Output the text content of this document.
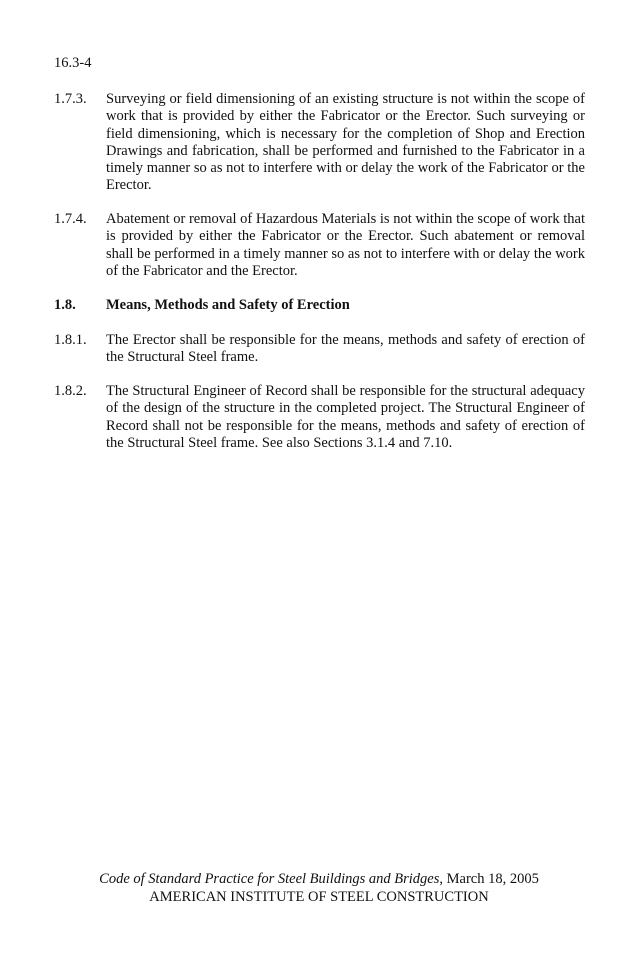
16.3-4
1.7.3. Surveying or field dimensioning of an existing structure is not within the scope of work that is provided by either the Fabricator or the Erector. Such surveying or field dimensioning, which is necessary for the completion of Shop and Erection Drawings and fabrication, shall be performed and furnished to the Fabricator in a timely manner so as not to interfere with or delay the work of the Fabricator or the Erector.
1.7.4. Abatement or removal of Hazardous Materials is not within the scope of work that is provided by either the Fabricator or the Erector. Such abatement or removal shall be performed in a timely manner so as not to interfere with or delay the work of the Fabricator and the Erector.
1.8. Means, Methods and Safety of Erection
1.8.1. The Erector shall be responsible for the means, methods and safety of erection of the Structural Steel frame.
1.8.2. The Structural Engineer of Record shall be responsible for the structural adequacy of the design of the structure in the completed project. The Structural Engineer of Record shall not be responsible for the means, methods and safety of erection of the Structural Steel frame. See also Sections 3.1.4 and 7.10.
Code of Standard Practice for Steel Buildings and Bridges, March 18, 2005
AMERICAN INSTITUTE OF STEEL CONSTRUCTION
